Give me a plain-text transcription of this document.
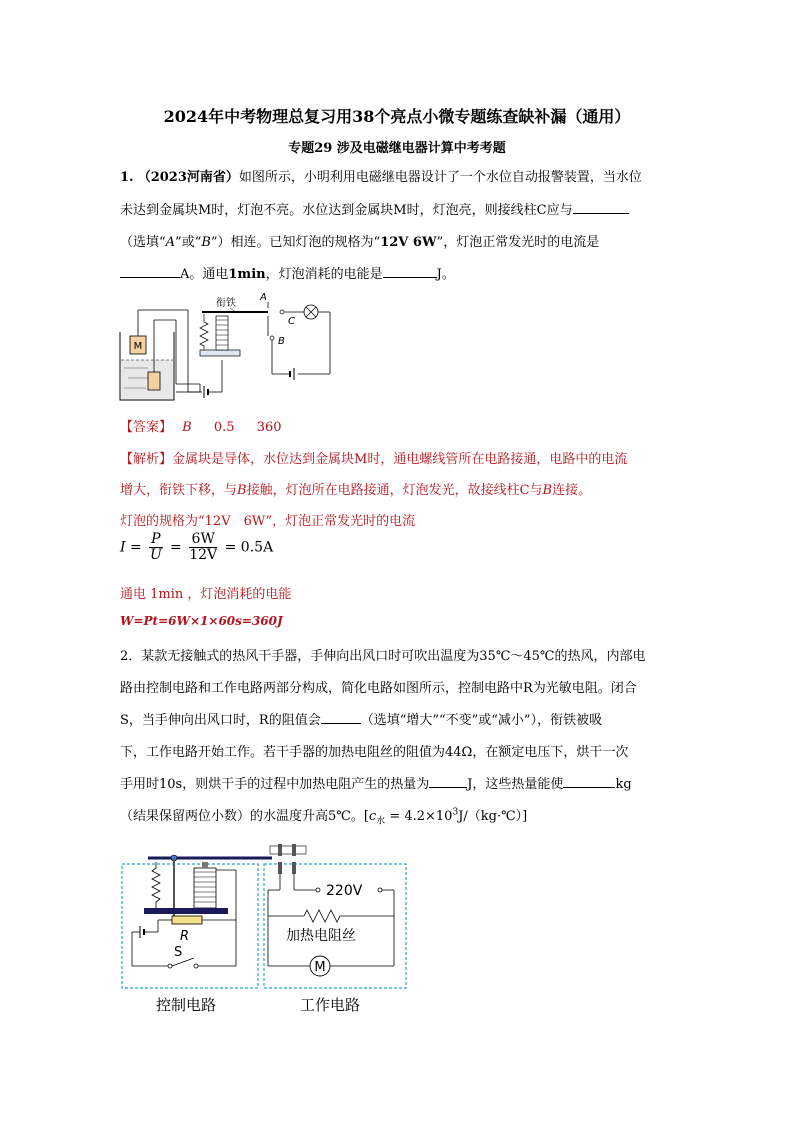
2024年中考物理总复习用38个亮点小微专题练查缺补漏（通用）
专题29 涉及电磁继电器计算中考考题
1. （2023河南省）如图所示，小明利用电磁继电器设计了一个水位自动报警装置，当水位
未达到金属块M时，灯泡不亮。水位达到金属块M时，灯泡亮，则接线柱C应与
（选填“A”或“B”）相连。已知灯泡的规格为“12V 6W”，灯泡正常发光时的电流是
A。通电1min，灯泡消耗的电能是	J。
M
衔铁
A
B
C
【答案】 B 0.5 360
【解析】金属块是导体，水位达到金属块M时，通电螺线管所在电路接通，电路中的电流
增大，衔铁下移，与B接触，灯泡所在电路接通，灯泡发光，故接线柱C与B连接。
灯泡的规格为“12V　6W”，灯泡正常发光时的电流
$I = \frac{P}{U} = \frac{6W}{12V} = 0.5A$
通电 1min ，灯泡消耗的电能
W=Pt=6W×1×60s=360J
2．某款无接触式的热风干手器，手伸向出风口时可吹出温度为35℃～45℃的热风，内部电
路由控制电路和工作电路两部分构成，简化电路如图所示，控制电路中R为光敏电阻。闭合
S，当手伸向出风口时，R的阻值会	（选填“增大”“不变”或“减小”），衔铁被吸
下，工作电路开始工作。若干手器的加热电阻丝的阻值为44Ω，在额定电压下，烘干一次
手用时10s，则烘干手的过程中加热电阻产生的热量为	J，这些热量能使	kg
（结果保留两位小数）的水温度升高5℃。[$c_水$ = $4.2\times 10^3J/(kg\cdot℃)$]
R
S
220V
加热电阻丝
M
控制电路	工作电路
